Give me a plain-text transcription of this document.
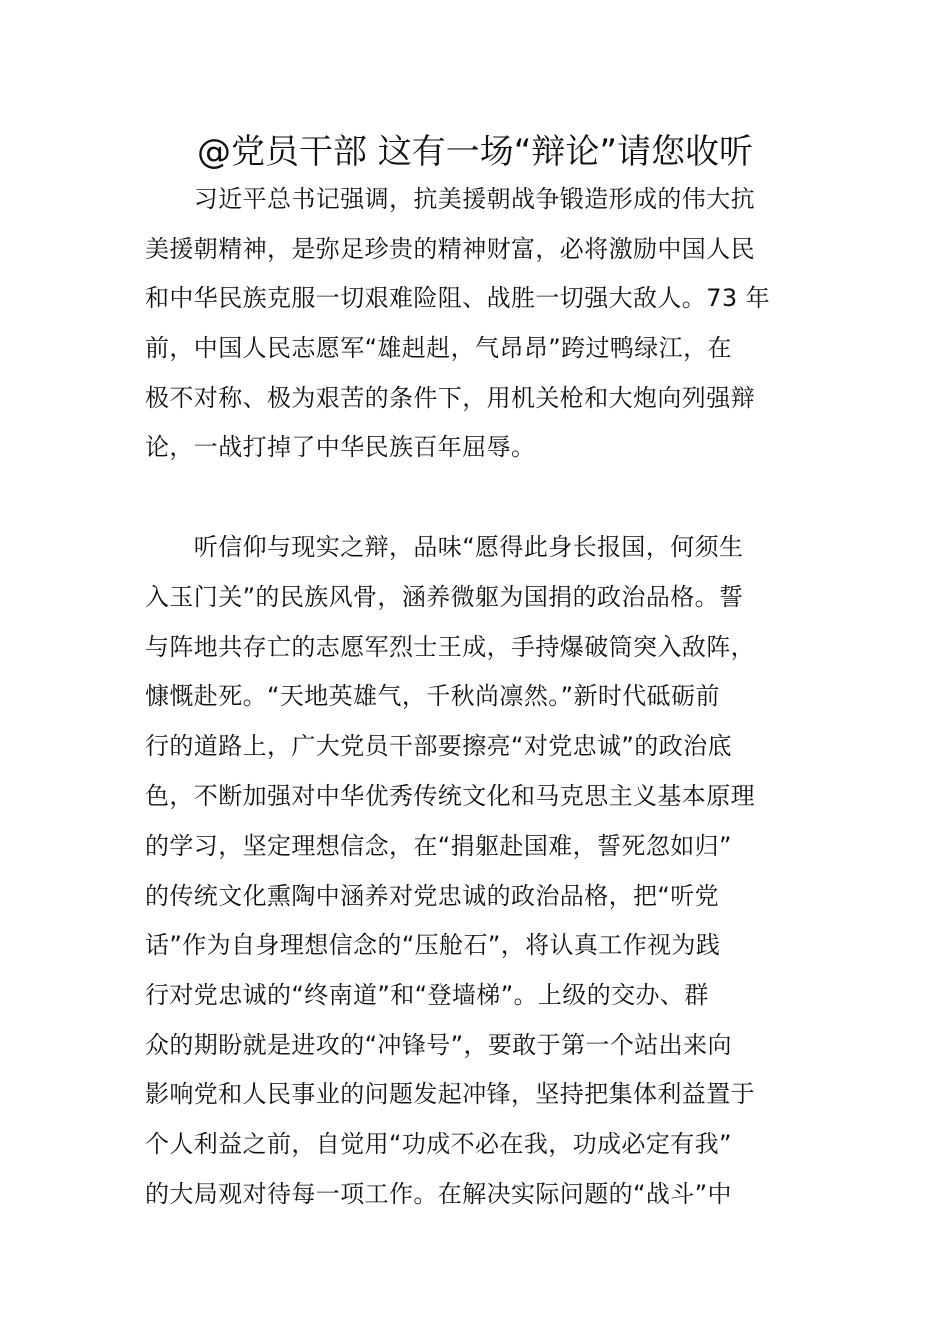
@党员干部 这有一场“辩论”请您收听
　　习近平总书记强调，抗美援朝战争锻造形成的伟大抗
美援朝精神，是弥足珍贵的精神财富，必将激励中国人民
和中华民族克服一切艰难险阻、战胜一切强大敌人。73 年
前，中国人民志愿军“雄赳赳，气昂昂”跨过鸭绿江，在
极不对称、极为艰苦的条件下，用机关枪和大炮向列强辩
论，一战打掉了中华民族百年屈辱。
　　听信仰与现实之辩，品味“愿得此身长报国，何须生
入玉门关”的民族风骨，涵养微躯为国捐的政治品格。誓
与阵地共存亡的志愿军烈士王成，手持爆破筒突入敌阵，
慷慨赴死。“天地英雄气，千秋尚凛然。”新时代砥砺前
行的道路上，广大党员干部要擦亮“对党忠诚”的政治底
色，不断加强对中华优秀传统文化和马克思主义基本原理
的学习，坚定理想信念，在“捐躯赴国难，誓死忽如归”
的传统文化熏陶中涵养对党忠诚的政治品格，把“听党
话”作为自身理想信念的“压舱石”，将认真工作视为践
行对党忠诚的“终南道”和“登墙梯”。上级的交办、群
众的期盼就是进攻的“冲锋号”，要敢于第一个站出来向
影响党和人民事业的问题发起冲锋，坚持把集体利益置于
个人利益之前，自觉用“功成不必在我，功成必定有我”
的大局观对待每一项工作。在解决实际问题的“战斗”中
